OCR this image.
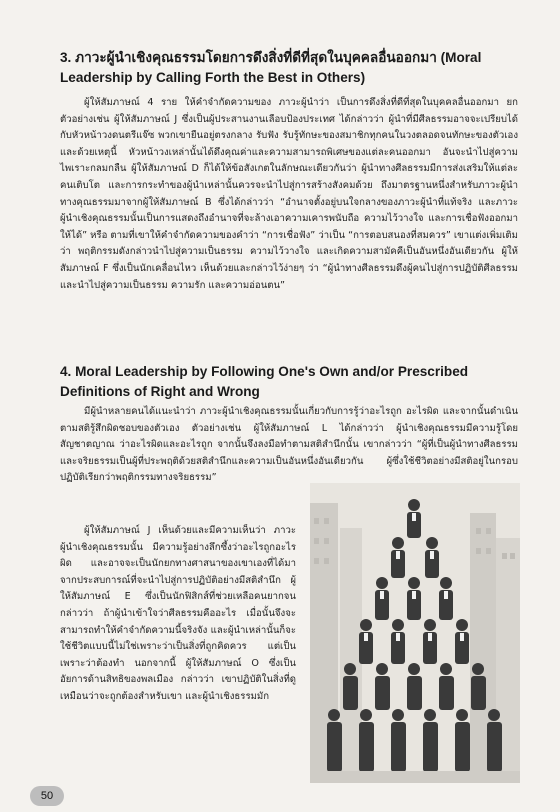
3. ภาวะผู้นำเชิงคุณธรรมโดยการดึงสิ่งที่ดีที่สุดในบุคคลอื่นออกมา (Moral Leadership by Calling Forth the Best in Others)

ผู้ให้สัมภาษณ์ 4 ราย ให้คำจำกัดความของ ภาวะผู้นำว่า เป็นการดึงสิ่งที่ดีที่สุดในบุคคลอื่นออกมา ยกตัวอย่างเช่น ผู้ให้สัมภาษณ์ J ซึ่งเป็นผู้ประสานงานเลือบป้องประเทศ ได้กล่าวว่า ผู้นำที่มีศีลธรรมอาจจะเปรียบได้กับหัวหน้าวงดนตรีแจ๊ซ พวกเขายืนอยู่ตรงกลาง รับฟัง รับรู้ทักษะของสมาชิกทุกคนในวงตลอดจนทักษะของตัวเอง และด้วยเหตุนี้ หัวหน้าวงเหล่านั้นได้ดึงคุณค่าและความสามารถพิเศษของแต่ละคนออกมา อันจะนำไปสู่ความไพเราะกลมกลืน ผู้ให้สัมภาษณ์ D ก็ได้ให้ข้อสังเกตในลักษณะเดียวกันว่า ผู้นำทางศีลธรรมมีการส่งเสริมให้แต่ละคนเติบโต และการกระทำของผู้นำเหล่านั้นควรจะนำไปสู่การสร้างสังคมด้วย ถึงมาตรฐานหนึ่งสำหรับภาวะผู้นำทางคุณธรรมมาจากผู้ให้สัมภาษณ์ B ซึ่งได้กล่าวว่า “อำนาจตั้งอยู่บนใจกลางของภาวะผู้นำที่แท้จริง และภาวะผู้นำเชิงคุณธรรมนั้นเป็นการแสดงถึงอำนาจที่จะล้างเอาความเคารพนับถือ ความไว้วางใจ และการเชื่อฟังออกมาให้ได้” หรือ ตามที่เขาให้คำจำกัดความของคำว่า “การเชื่อฟัง” ว่าเป็น “การตอบสนองที่สมควร” เขาแต่งเพิ่มเติมว่า พฤติกรรมดังกล่าวนำไปสู่ความเป็นธรรม ความไว้วางใจ และเกิดความสามัคคีเป็นอันหนึ่งอันเดียวกัน ผู้ให้สัมภาษณ์ F ซึ่งเป็นนักเคลื่อนไหว เห็นด้วยและกล่าวไว้ง่ายๆ ว่า “ผู้นำทางศีลธรรมดึงผู้คนไปสู่การปฏิบัติศีลธรรมและนำไปสู่ความเป็นธรรม ความรัก และความอ่อนตน”

4. Moral Leadership by Following One's Own and/or Prescribed Definitions of Right and Wrong

มีผู้นำหลายคนได้แนะนำว่า ภาวะผู้นำเชิงคุณธรรมนั้นเกี่ยวกับการรู้ว่าอะไรถูก อะไรผิด และจากนั้นดำเนินตามสติรู้สึกผิดชอบของตัวเอง ตัวอย่างเช่น ผู้ให้สัมภาษณ์ L ได้กล่าวว่า ผู้นำเชิงคุณธรรมมีความรู้โดยสัญชาตญาณ ว่าอะไรผิดและอะไรถูก จากนั้นจึงลงมือทำตามสติสำนึกนั้น เขากล่าวว่า “ผู้ที่เป็นผู้นำทางศีลธรรมและจริยธรรมเป็นผู้ที่ประพฤติด้วยสติสำนึกและความเป็นอันหนึ่งอันเดียวกัน ผู้ซึ่งใช้ชีวิตอย่างมีสติอยู่ในกรอบปฏิบัติเรียกว่าพฤติกรรมทางจริยธรรม”

ผู้ให้สัมภาษณ์ J เห็นด้วยและมีความเห็นว่า ภาวะผู้นำเชิงคุณธรรมนั้น มีความรู้อย่างลึกซึ้งว่าอะไรถูกอะไรผิด และอาจจะเป็นนักยกทางศาสนาของเขาเองที่ได้มาจากประสบการณ์ที่จะนำไปสู่การปฏิบัติอย่างมีสติสำนึก ผู้ให้สัมภาษณ์ E ซึ่งเป็นนักฟิสิกส์ที่ช่วยเหลือคนยากจน กล่าวว่า ถ้าผู้นำเข้าใจว่าศีลธรรมคืออะไร เมื่อนั้นจึงจะสามารถทำให้คำจำกัดความนี้จริงจัง และผู้นำเหล่านั้นก็จะใช้ชีวิตแบบนี้ไม่ใช่เพราะว่าเป็นสิ่งที่ถูกคิดควร แต่เป็นเพราะว่าต้องทำ นอกจากนี้ ผู้ให้สัมภาษณ์ O ซึ่งเป็นอัยการด้านสิทธิของพลเมือง กล่าวว่า เขาปฏิบัติในสิ่งที่ดูเหมือนว่าจะถูกต้องสำหรับเขา และผู้นำเชิงธรรมมัก

50
